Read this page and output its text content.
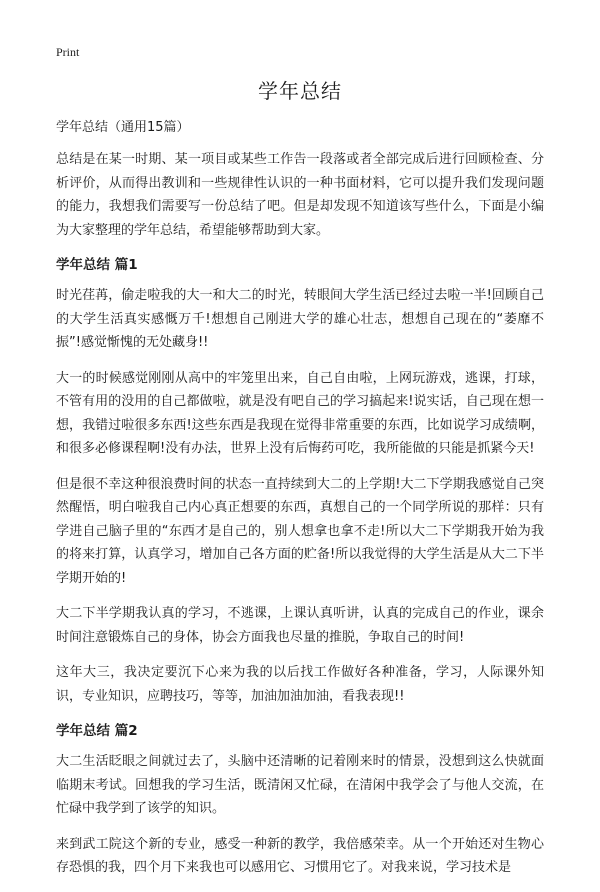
Print
学年总结
学年总结（通用15篇）

总结是在某一时期、某一项目或某些工作告一段落或者全部完成后进行回顾检查、分析评价，从而得出教训和一些规律性认识的一种书面材料，它可以提升我们发现问题的能力，我想我们需要写一份总结了吧。但是却发现不知道该写些什么，下面是小编为大家整理的学年总结，希望能够帮助到大家。

学年总结 篇1

时光荏苒，偷走啦我的大一和大二的时光，转眼间大学生活已经过去啦一半!回顾自己的大学生活真实感慨万千!想想自己刚进大学的雄心壮志，想想自己现在的“萎靡不振”!感觉惭愧的无处藏身!!

大一的时候感觉刚刚从高中的牢笼里出来，自己自由啦，上网玩游戏，逃课，打球，不管有用的没用的自己都做啦，就是没有吧自己的学习搞起来!说实话，自己现在想一想，我错过啦很多东西!这些东西是我现在觉得非常重要的东西，比如说学习成绩啊，和很多必修课程啊!没有办法，世界上没有后悔药可吃，我所能做的只能是抓紧今天!

但是很不幸这种很浪费时间的状态一直持续到大二的上学期!大二下学期我感觉自己突然醒悟，明白啦我自己内心真正想要的东西，真想自己的一个同学所说的那样：只有学进自己脑子里的“东西才是自己的，别人想拿也拿不走!所以大二下学期我开始为我的将来打算，认真学习，增加自己各方面的贮备!所以我觉得的大学生活是从大二下半学期开始的!

大二下半学期我认真的学习，不逃课，上课认真听讲，认真的完成自己的作业，课余时间注意锻炼自己的身体，协会方面我也尽量的推脱，争取自己的时间!

这年大三，我决定要沉下心来为我的以后找工作做好各种准备，学习，人际课外知识，专业知识，应聘技巧，等等，加油加油加油，看我表现!!

学年总结 篇2

大二生活眨眼之间就过去了，头脑中还清晰的记着刚来时的情景，没想到这么快就面临期末考试。回想我的学习生活，既清闲又忙碌，在清闲中我学会了与他人交流，在忙碌中我学到了该学的知识。

来到武工院这个新的专业，感受一种新的教学，我倍感荣幸。从一个开始还对生物心存恐惧的我，四个月下来我也可以感用它、习惯用它了。对我来说，学习技术是
